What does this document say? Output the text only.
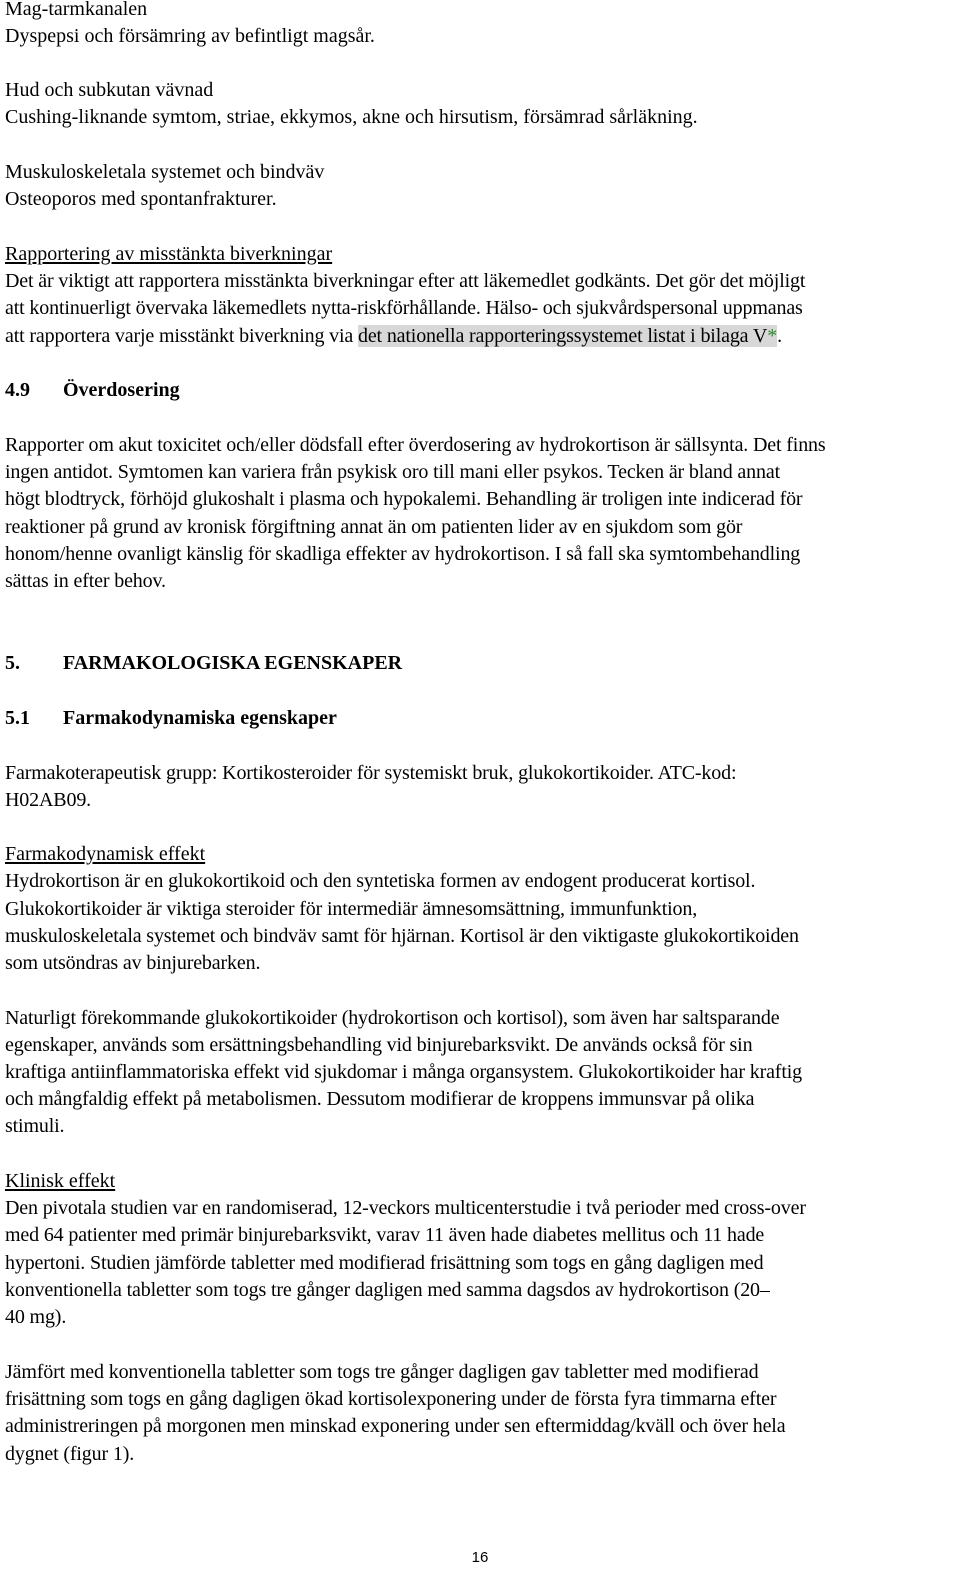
Mag-tarmkanalen
Dyspepsi och försämring av befintligt magsår.
Hud och subkutan vävnad
Cushing-liknande symtom, striae, ekkymos, akne och hirsutism, försämrad sårläkning.
Muskuloskeletala systemet och bindväv
Osteoporos med spontanfrakturer.
Rapportering av misstänkta biverkningar
Det är viktigt att rapportera misstänkta biverkningar efter att läkemedlet godkänts. Det gör det möjligt
att kontinuerligt övervaka läkemedlets nytta-riskförhållande. Hälso- och sjukvårdspersonal uppmanas
att rapportera varje misstänkt biverkning via det nationella rapporteringssystemet listat i bilaga V*.
4.9 Överdosering
Rapporter om akut toxicitet och/eller dödsfall efter överdosering av hydrokortison är sällsynta. Det finns
ingen antidot. Symtomen kan variera från psykisk oro till mani eller psykos. Tecken är bland annat
högt blodtryck, förhöjd glukoshalt i plasma och hypokalemi. Behandling är troligen inte indicerad för
reaktioner på grund av kronisk förgiftning annat än om patienten lider av en sjukdom som gör
honom/henne ovanligt känslig för skadliga effekter av hydrokortison. I så fall ska symtombehandling
sättas in efter behov.
5. FARMAKOLOGISKA EGENSKAPER
5.1 Farmakodynamiska egenskaper
Farmakoterapeutisk grupp: Kortikosteroider för systemiskt bruk, glukokortikoider. ATC-kod:
H02AB09.
Farmakodynamisk effekt
Hydrokortison är en glukokortikoid och den syntetiska formen av endogent producerat kortisol.
Glukokortikoider är viktiga steroider för intermediär ämnesomsättning, immunfunktion,
muskuloskeletala systemet och bindväv samt för hjärnan. Kortisol är den viktigaste glukokortikoiden
som utsöndras av binjurebarken.
Naturligt förekommande glukokortikoider (hydrokortison och kortisol), som även har saltsparande
egenskaper, används som ersättningsbehandling vid binjurebarksvikt. De används också för sin
kraftiga antiinflammatoriska effekt vid sjukdomar i många organsystem. Glukokortikoider har kraftig
och mångfaldig effekt på metabolismen. Dessutom modifierar de kroppens immunsvar på olika
stimuli.
Klinisk effekt
Den pivotala studien var en randomiserad, 12-veckors multicenterstudie i två perioder med cross-over
med 64 patienter med primär binjurebarksvikt, varav 11 även hade diabetes mellitus och 11 hade
hypertoni. Studien jämförde tabletter med modifierad frisättning som togs en gång dagligen med
konventionella tabletter som togs tre gånger dagligen med samma dagsdos av hydrokortison (20–
40 mg).
Jämfört med konventionella tabletter som togs tre gånger dagligen gav tabletter med modifierad
frisättning som togs en gång dagligen ökad kortisolexponering under de första fyra timmarna efter
administreringen på morgonen men minskad exponering under sen eftermiddag/kväll och över hela
dygnet (figur 1).
16
